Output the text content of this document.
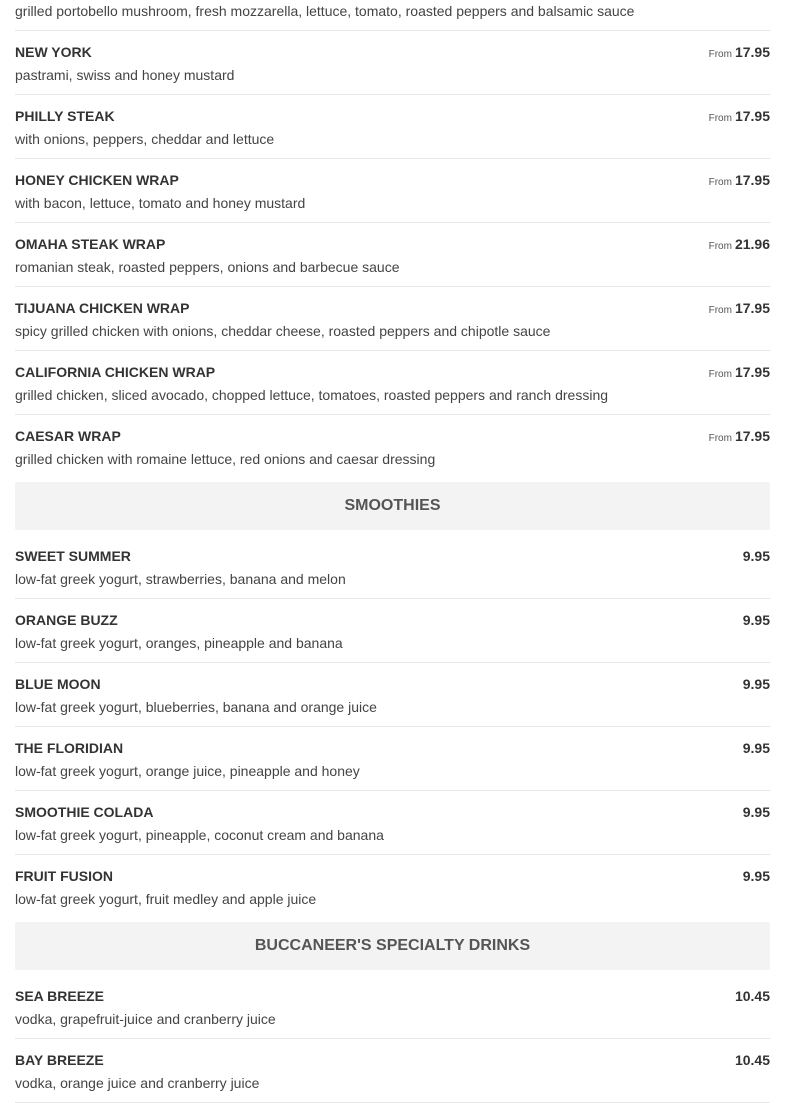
grilled portobello mushroom, fresh mozzarella, lettuce, tomato, roasted peppers and balsamic sauce
NEW YORK	From 17.95
pastrami, swiss and honey mustard
PHILLY STEAK	From 17.95
with onions, peppers, cheddar and lettuce
HONEY CHICKEN WRAP	From 17.95
with bacon, lettuce, tomato and honey mustard
OMAHA STEAK WRAP	From 21.96
romanian steak, roasted peppers, onions and barbecue sauce
TIJUANA CHICKEN WRAP	From 17.95
spicy grilled chicken with onions, cheddar cheese, roasted peppers and chipotle sauce
CALIFORNIA CHICKEN WRAP	From 17.95
grilled chicken, sliced avocado, chopped lettuce, tomatoes, roasted peppers and ranch dressing
CAESAR WRAP	From 17.95
grilled chicken with romaine lettuce, red onions and caesar dressing
SMOOTHIES
SWEET SUMMER	9.95
low-fat greek yogurt, strawberries, banana and melon
ORANGE BUZZ	9.95
low-fat greek yogurt, oranges, pineapple and banana
BLUE MOON	9.95
low-fat greek yogurt, blueberries, banana and orange juice
THE FLORIDIAN	9.95
low-fat greek yogurt, orange juice, pineapple and honey
SMOOTHIE COLADA	9.95
low-fat greek yogurt, pineapple, coconut cream and banana
FRUIT FUSION	9.95
low-fat greek yogurt, fruit medley and apple juice
BUCCANEER'S SPECIALTY DRINKS
SEA BREEZE	10.45
vodka, grapefruit-juice and cranberry juice
BAY BREEZE	10.45
vodka, orange juice and cranberry juice
